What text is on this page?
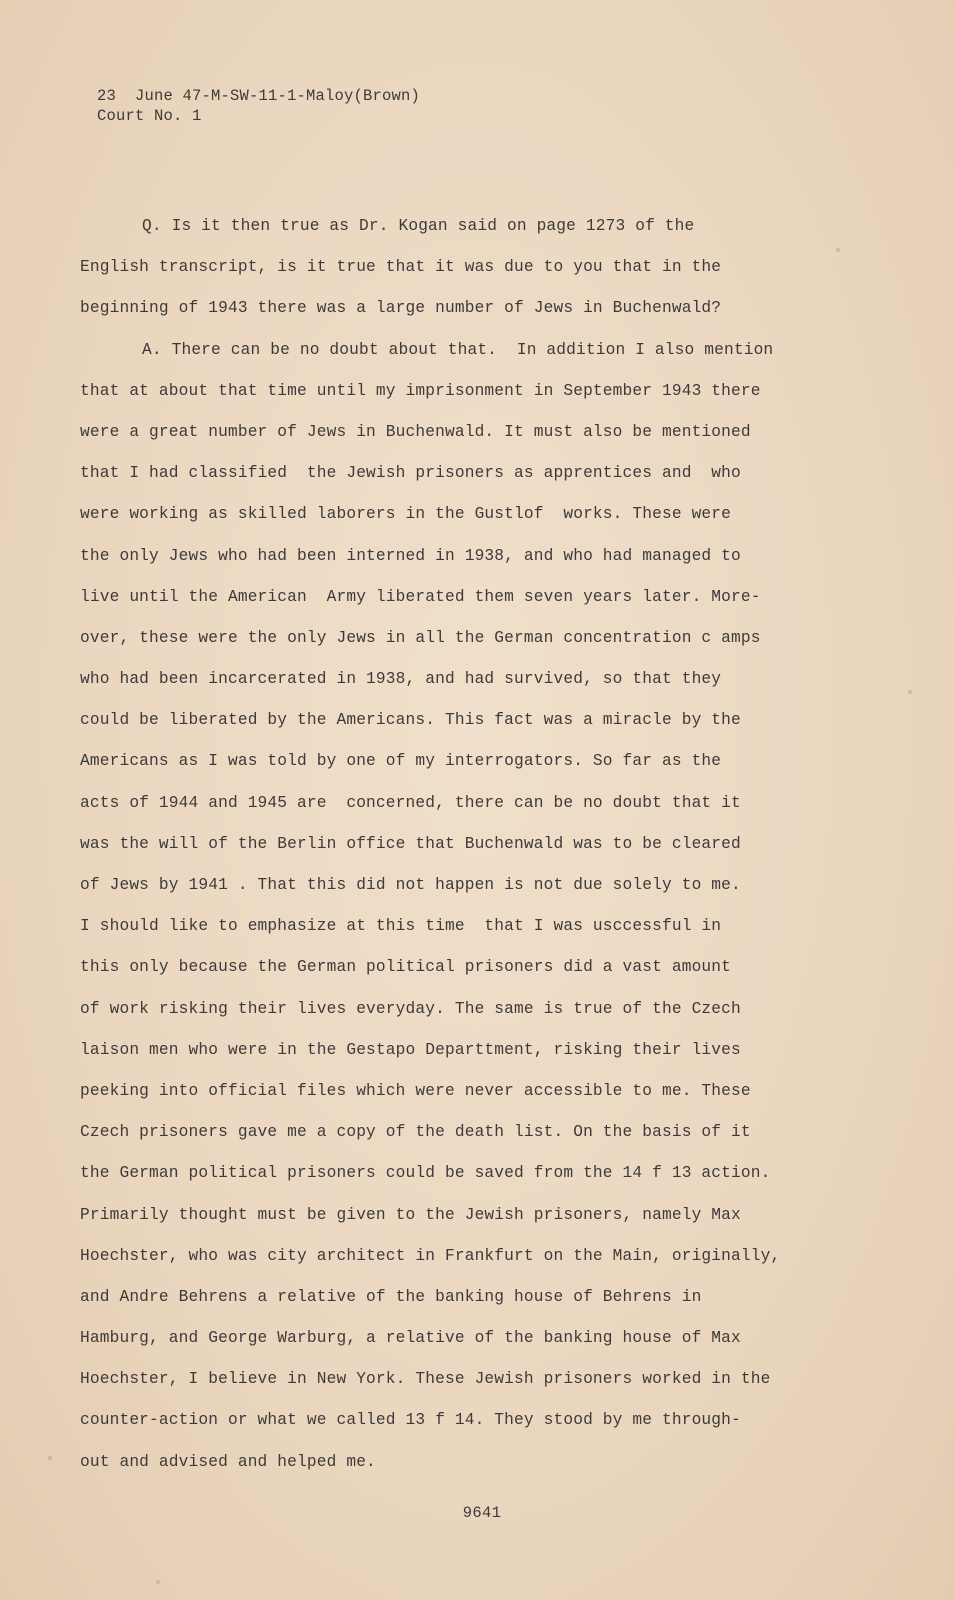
23  June 47-M-SW-11-1-Maloy(Brown)
Court No. 1
Q. Is it then true as Dr. Kogan said on page 1273 of the
English transcript, is it true that it was due to you that in the
beginning of 1943 there was a large number of Jews in Buchenwald?
A. There can be no doubt about that.  In addition I also mention
that at about that time until my imprisonment in September 1943 there
were a great number of Jews in Buchenwald. It must also be mentioned
that I had classified  the Jewish prisoners as apprentices and  who
were working as skilled laborers in the Gustlof  works. These were
the only Jews who had been interned in 1938, and who had managed to
live until the American  Army liberated them seven years later. More-
over, these were the only Jews in all the German concentration c amps
who had been incarcerated in 1938, and had survived, so that they
could be liberated by the Americans. This fact was a miracle by the
Americans as I was told by one of my interrogators. So far as the
acts of 1944 and 1945 are  concerned, there can be no doubt that it
was the will of the Berlin office that Buchenwald was to be cleared
of Jews by 1941 . That this did not happen is not due solely to me.
I should like to emphasize at this time  that I was usccessful in
this only because the German political prisoners did a vast amount
of work risking their lives everyday. The same is true of the Czech
laison men who were in the Gestapo Departtment, risking their lives
peeking into official files which were never accessible to me. These
Czech prisoners gave me a copy of the death list. On the basis of it
the German political prisoners could be saved from the 14 f 13 action.
Primarily thought must be given to the Jewish prisoners, namely Max
Hoechster, who was city architect in Frankfurt on the Main, originally,
and Andre Behrens a relative of the banking house of Behrens in
Hamburg, and George Warburg, a relative of the banking house of Max
Hoechster, I believe in New York. These Jewish prisoners worked in the
counter-action or what we called 13 f 14. They stood by me through-
out and advised and helped me.
9641
